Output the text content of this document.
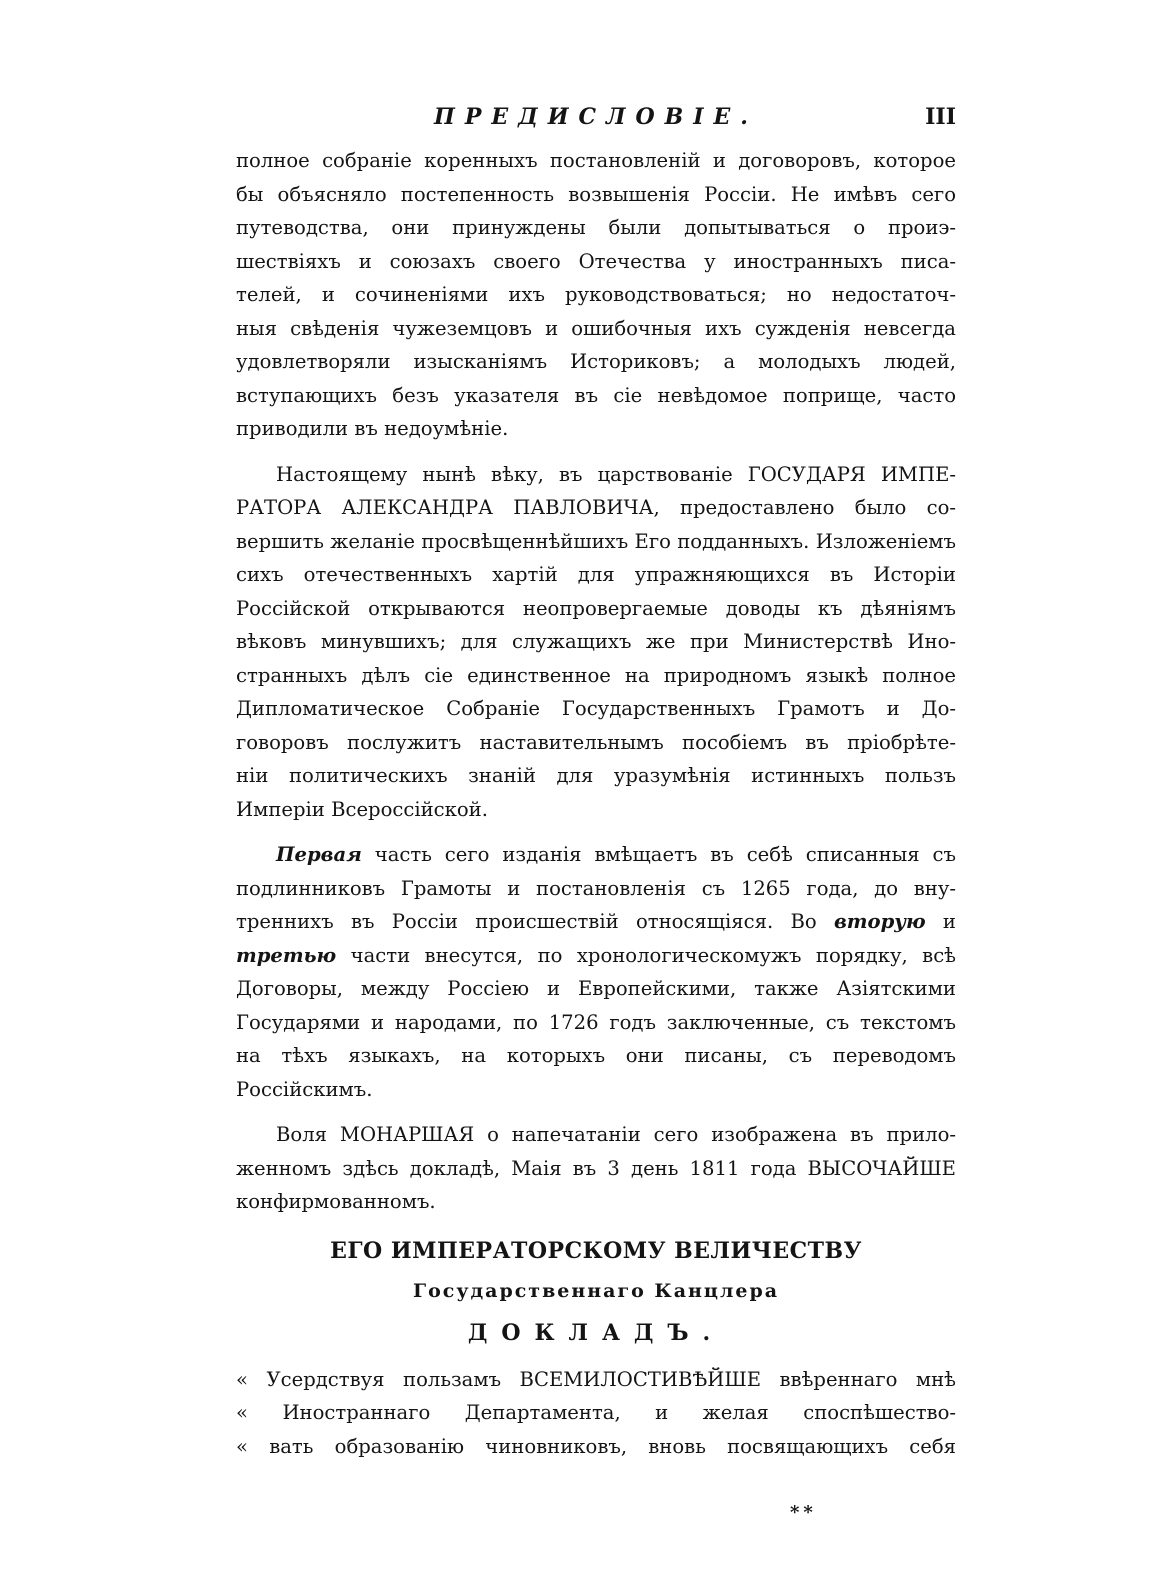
ПРЕДИСЛОВІЕ.	III

полное собраніе коренныхъ постановленій и договоровъ, которое
бы объясняло постепенность возвышенія Россіи. Не имѣвъ сего
путеводства, они принуждены были допытываться о проиэ-
шествіяхъ и союзахъ своего Отечества у иностранныхъ писа-
телей, и сочиненіями ихъ руководствоваться; но недостаточ-
ныя свѣденія чужеземцовъ и ошибочныя ихъ сужденія невсегда
удовлетворяли изысканіямъ Историковъ; а молодыхъ людей,
вступающихъ безъ указателя въ сіе невѣдомое поприще, часто
приводили въ недоумѣніе.

Настоящему нынѣ вѣку, въ царствованіе ГОСУДАРЯ ИМПЕ-
РАТОРА АЛЕКСАНДРА ПАВЛОВИЧА, предоставлено было со-
вершить желаніе просвѣщеннѣйшихъ Его подданныхъ. Изложеніемъ
сихъ отечественныхъ хартій для упражняющихся въ Исторіи
Россійской открываются неопровергаемые доводы къ дѣяніямъ
вѣковъ минувшихъ; для служащихъ же при Министерствѣ Ино-
странныхъ дѣлъ сіе единственное на природномъ языкѣ полное
Дипломатическое Собраніе Государственныхъ Грамотъ и До-
говоровъ послужитъ наставительнымъ пособіемъ въ пріобрѣте-
ніи политическихъ знаній для уразумѣнія истинныхъ пользъ
Имперіи Всероссійской.

Первая часть сего изданія вмѣщаетъ въ себѣ списанныя съ
подлинниковъ Грамоты и постановленія съ 1265 года, до вну-
треннихъ въ Россіи происшествій относящіяся. Во вторую и
третью части внесутся, по хронологическомужъ порядку, всѣ
Договоры, между Россіею и Европейскими, также Азіятскими
Государями и народами, по 1726 годъ заключенные, съ текстомъ
на тѣхъ языкахъ, на которыхъ они писаны, съ переводомъ
Россійскимъ.

Воля МОНАРШАЯ о напечатаніи сего изображена въ прило-
женномъ здѣсь докладѣ, Маія въ 3 день 1811 года ВЫСОЧАЙШЕ
конфирмованномъ.

ЕГО ИМПЕРАТОРСКОМУ ВЕЛИЧЕСТВУ
Государственнаго Канцлера
ДОКЛАДЪ.
« Усердствуя пользамъ ВСЕМИЛОСТИВѢЙШЕ ввѣреннаго мнѣ
« Иностраннаго Департамента, и желая споспѣшество-
« вать образованію чиновниковъ, вновь посвящающихъ себя
**
